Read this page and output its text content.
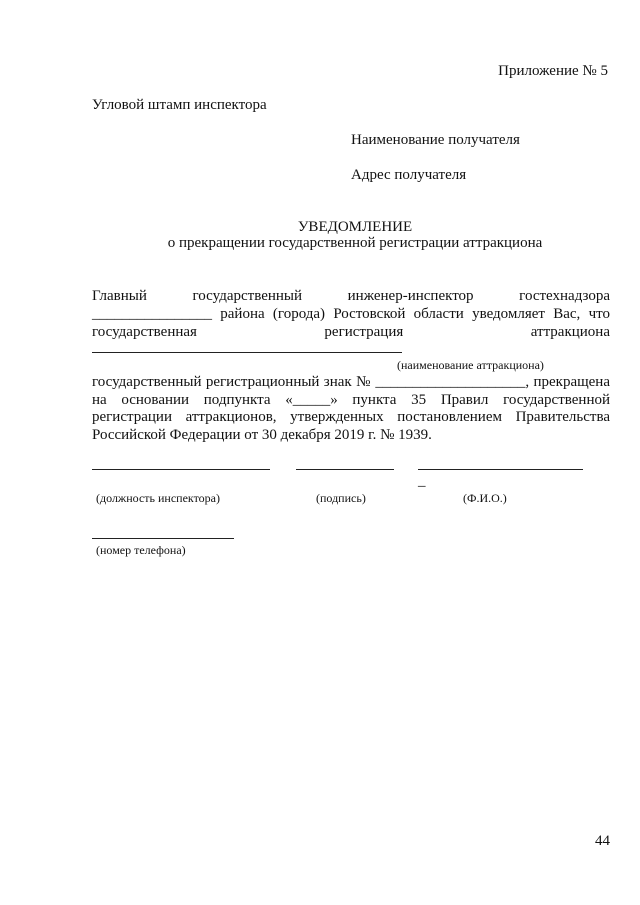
Приложение № 5
Угловой штамп инспектора
Наименование получателя
Адрес получателя
УВЕДОМЛЕНИЕ
о прекращении государственной регистрации аттракциона
Главный государственный инженер-инспектор гостехнадзора
________________ района (города) Ростовской области уведомляет Вас, что
государственная регистрация аттракциона
(наименование аттракциона)
государственный регистрационный знак № ____________________, прекращена
на основании подпункта «_____» пункта 35 Правил государственной
регистрации аттракционов, утвержденных постановлением Правительства
Российской Федерации от 30 декабря 2019 г. № 1939.
_
(должность инспектора)	(подпись)	(Ф.И.О.)
(номер телефона)
44
